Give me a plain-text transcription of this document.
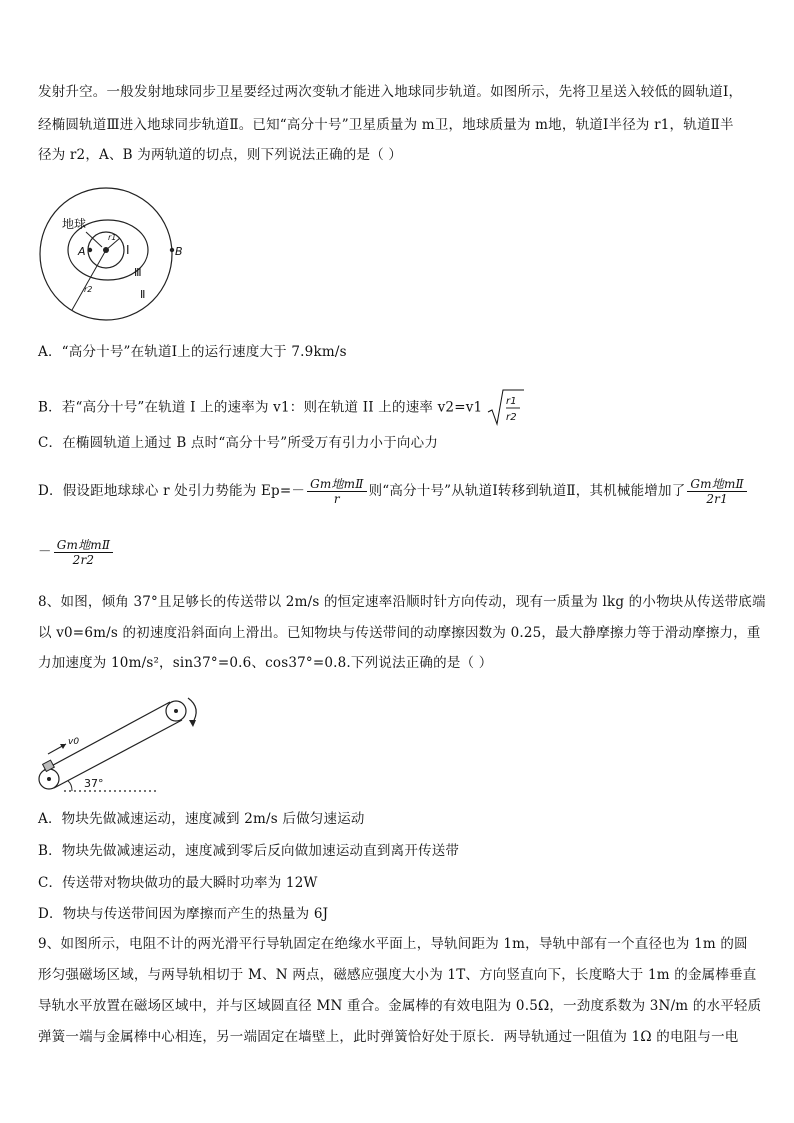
发射升空。一般发射地球同步卫星要经过两次变轨才能进入地球同步轨道。如图所示，先将卫星送入较低的圆轨道Ⅰ，
经椭圆轨道Ⅲ进入地球同步轨道Ⅱ。已知“高分十号”卫星质量为 m卫，地球质量为 m地，轨道Ⅰ半径为 r1，轨道Ⅱ半
径为 r2，A、B 为两轨道的切点，则下列说法正确的是（ ）
地球
A	B
r1
Ⅰ
Ⅲ
Ⅱ
r2
A．“高分十号”在轨道Ⅰ上的运行速度大于 7.9km/s
B．若“高分十号”在轨道 I 上的速率为 v1：则在轨道 II 上的速率 v2=v1 r1
r2
C．在椭圆轨道上通过 B 点时“高分十号”所受万有引力小于向心力
D．假设距地球球心 r 处引力势能为 $Ep=- \frac{\text{Gm地mⅡ}}{r}$ 则“高分十号”从轨道Ⅰ转移到轨道Ⅱ，其机械能增加了 $\frac{\text{Gm地mⅡ}}{2r1}$
－ $\frac{\text{Gm地mⅡ}}{2r2}$
8、如图，倾角 37°且足够长的传送带以 2m/s 的恒定速率沿顺时针方向传动，现有一质量为 lkg 的小物块从传送带底端
以 v0=6m/s 的初速度沿斜面向上滑出。已知物块与传送带间的动摩擦因数为 0.25，最大静摩擦力等于滑动摩擦力，重
力加速度为 10m/s²，sin37°=0.6、cos37°=0.8.下列说法正确的是（ ）
v0
37°
A．物块先做减速运动，速度减到 2m/s 后做匀速运动
B．物块先做减速运动，速度减到零后反向做加速运动直到离开传送带
C．传送带对物块做功的最大瞬时功率为 12W
D．物块与传送带间因为摩擦而产生的热量为 6J
9、如图所示，电阻不计的两光滑平行导轨固定在绝缘水平面上，导轨间距为 1m，导轨中部有一个直径也为 1m 的圆
形匀强磁场区域，与两导轨相切于 M、N 两点，磁感应强度大小为 1T、方向竖直向下，长度略大于 1m 的金属棒垂直
导轨水平放置在磁场区域中，并与区域圆直径 MN 重合。金属棒的有效电阻为 0.5Ω，一劲度系数为 3N/m 的水平轻质
弹簧一端与金属棒中心相连，另一端固定在墙壁上，此时弹簧恰好处于原长．两导轨通过一阻值为 1Ω 的电阻与一电
